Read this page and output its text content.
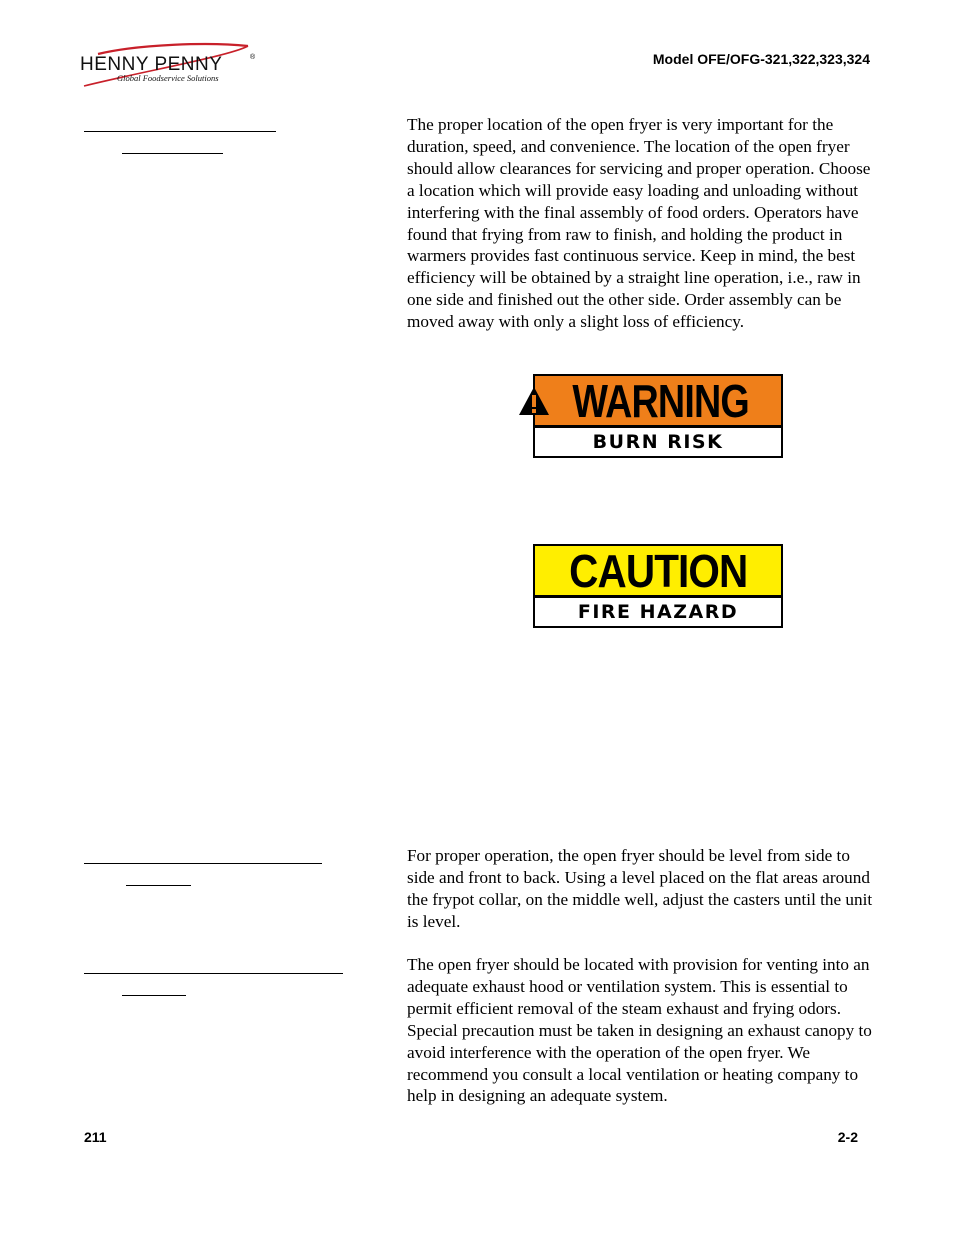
HENNY PENNY	®
Global Foodservice Solutions
Model OFE/OFG-321,322,323,324

The proper location of the open fryer is very important for the duration, speed, and convenience. The location of the open fryer should allow clearances for servicing and proper operation. Choose a location which will provide easy loading and unloading without interfering with the final assembly of food orders. Operators have found that frying from raw to finish, and holding the product in warmers provides fast continuous service. Keep in mind, the best efficiency will be obtained by a straight line operation, i.e., raw in one side and finished out the other side. Order assembly can be moved away with only a slight loss of efficiency.

WARNING
BURN RISK
CAUTION
FIRE HAZARD

For proper operation, the open fryer should be level from side to side and front to back. Using a level placed on the flat areas around the frypot collar, on the middle well, adjust the casters until the unit is level.

The open fryer should be located with provision for venting into an adequate exhaust hood or ventilation system. This is essential to permit efficient removal of the steam exhaust and frying odors. Special precaution must be taken in designing an exhaust canopy to avoid interference with the operation of the open fryer. We recommend you consult a local ventilation or heating company to help in designing an adequate system.

211	2-2
